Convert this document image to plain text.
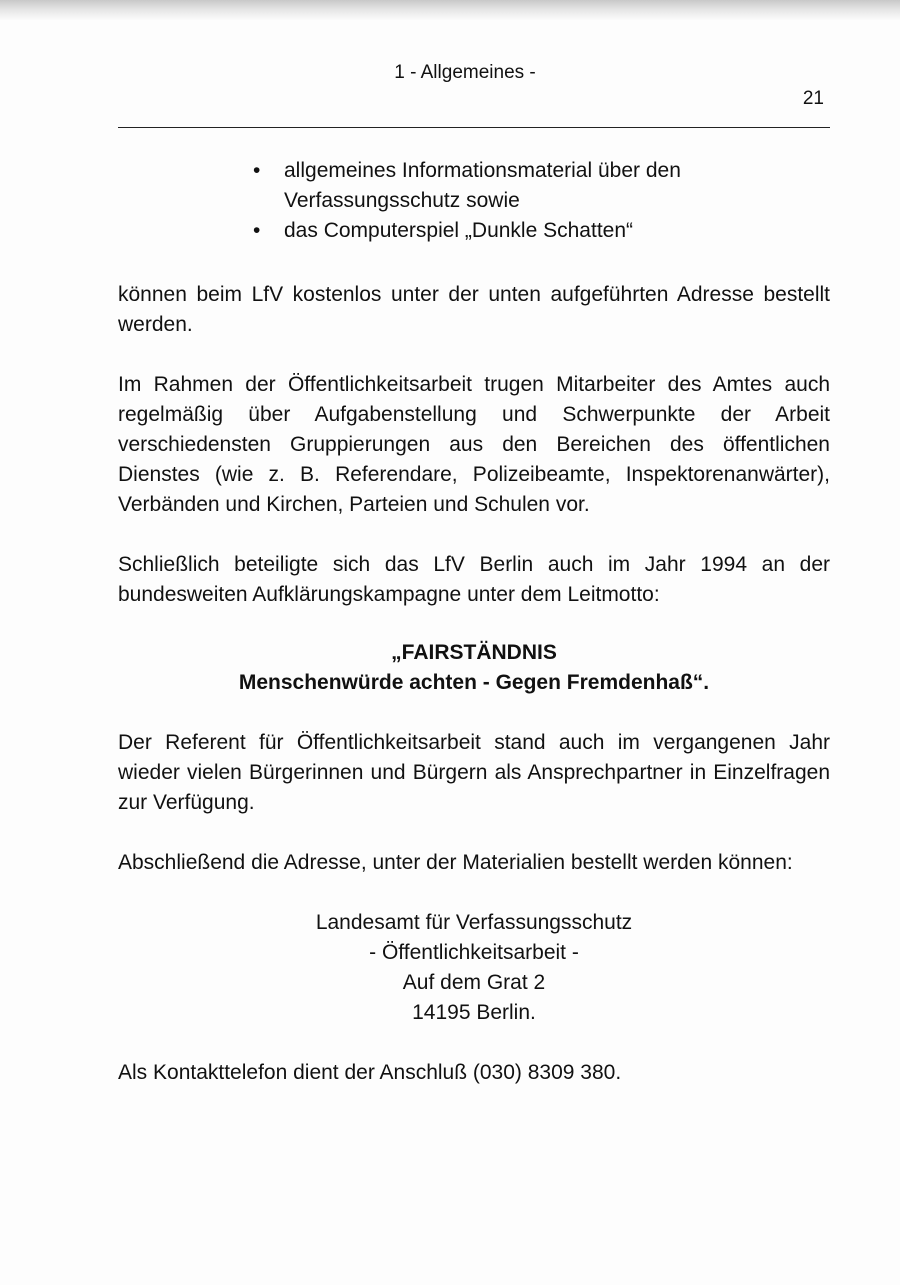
1 - Allgemeines -
21
• allgemeines Informationsmaterial über den Verfassungsschutz sowie
• das Computerspiel „Dunkle Schatten“

können beim LfV kostenlos unter der unten aufgeführten Adresse bestellt werden.

Im Rahmen der Öffentlichkeitsarbeit trugen Mitarbeiter des Amtes auch regelmäßig über Aufgabenstellung und Schwerpunkte der Arbeit verschiedensten Gruppierungen aus den Bereichen des öffentlichen Dienstes (wie z. B. Referendare, Polizeibeamte, Inspektorenanwärter), Verbänden und Kirchen, Parteien und Schulen vor.

Schließlich beteiligte sich das LfV Berlin auch im Jahr 1994 an der bundesweiten Aufklärungskampagne unter dem Leitmotto:

„FAIRSTÄNDNIS

Menschenwürde achten - Gegen Fremdenhaß“.

Der Referent für Öffentlichkeitsarbeit stand auch im vergangenen Jahr wieder vielen Bürgerinnen und Bürgern als Ansprechpartner in Einzelfragen zur Verfügung.

Abschließend die Adresse, unter der Materialien bestellt werden können:

Landesamt für Verfassungsschutz
- Öffentlichkeitsarbeit -
Auf dem Grat 2
14195 Berlin.

Als Kontakttelefon dient der Anschluß (030) 8309 380.
